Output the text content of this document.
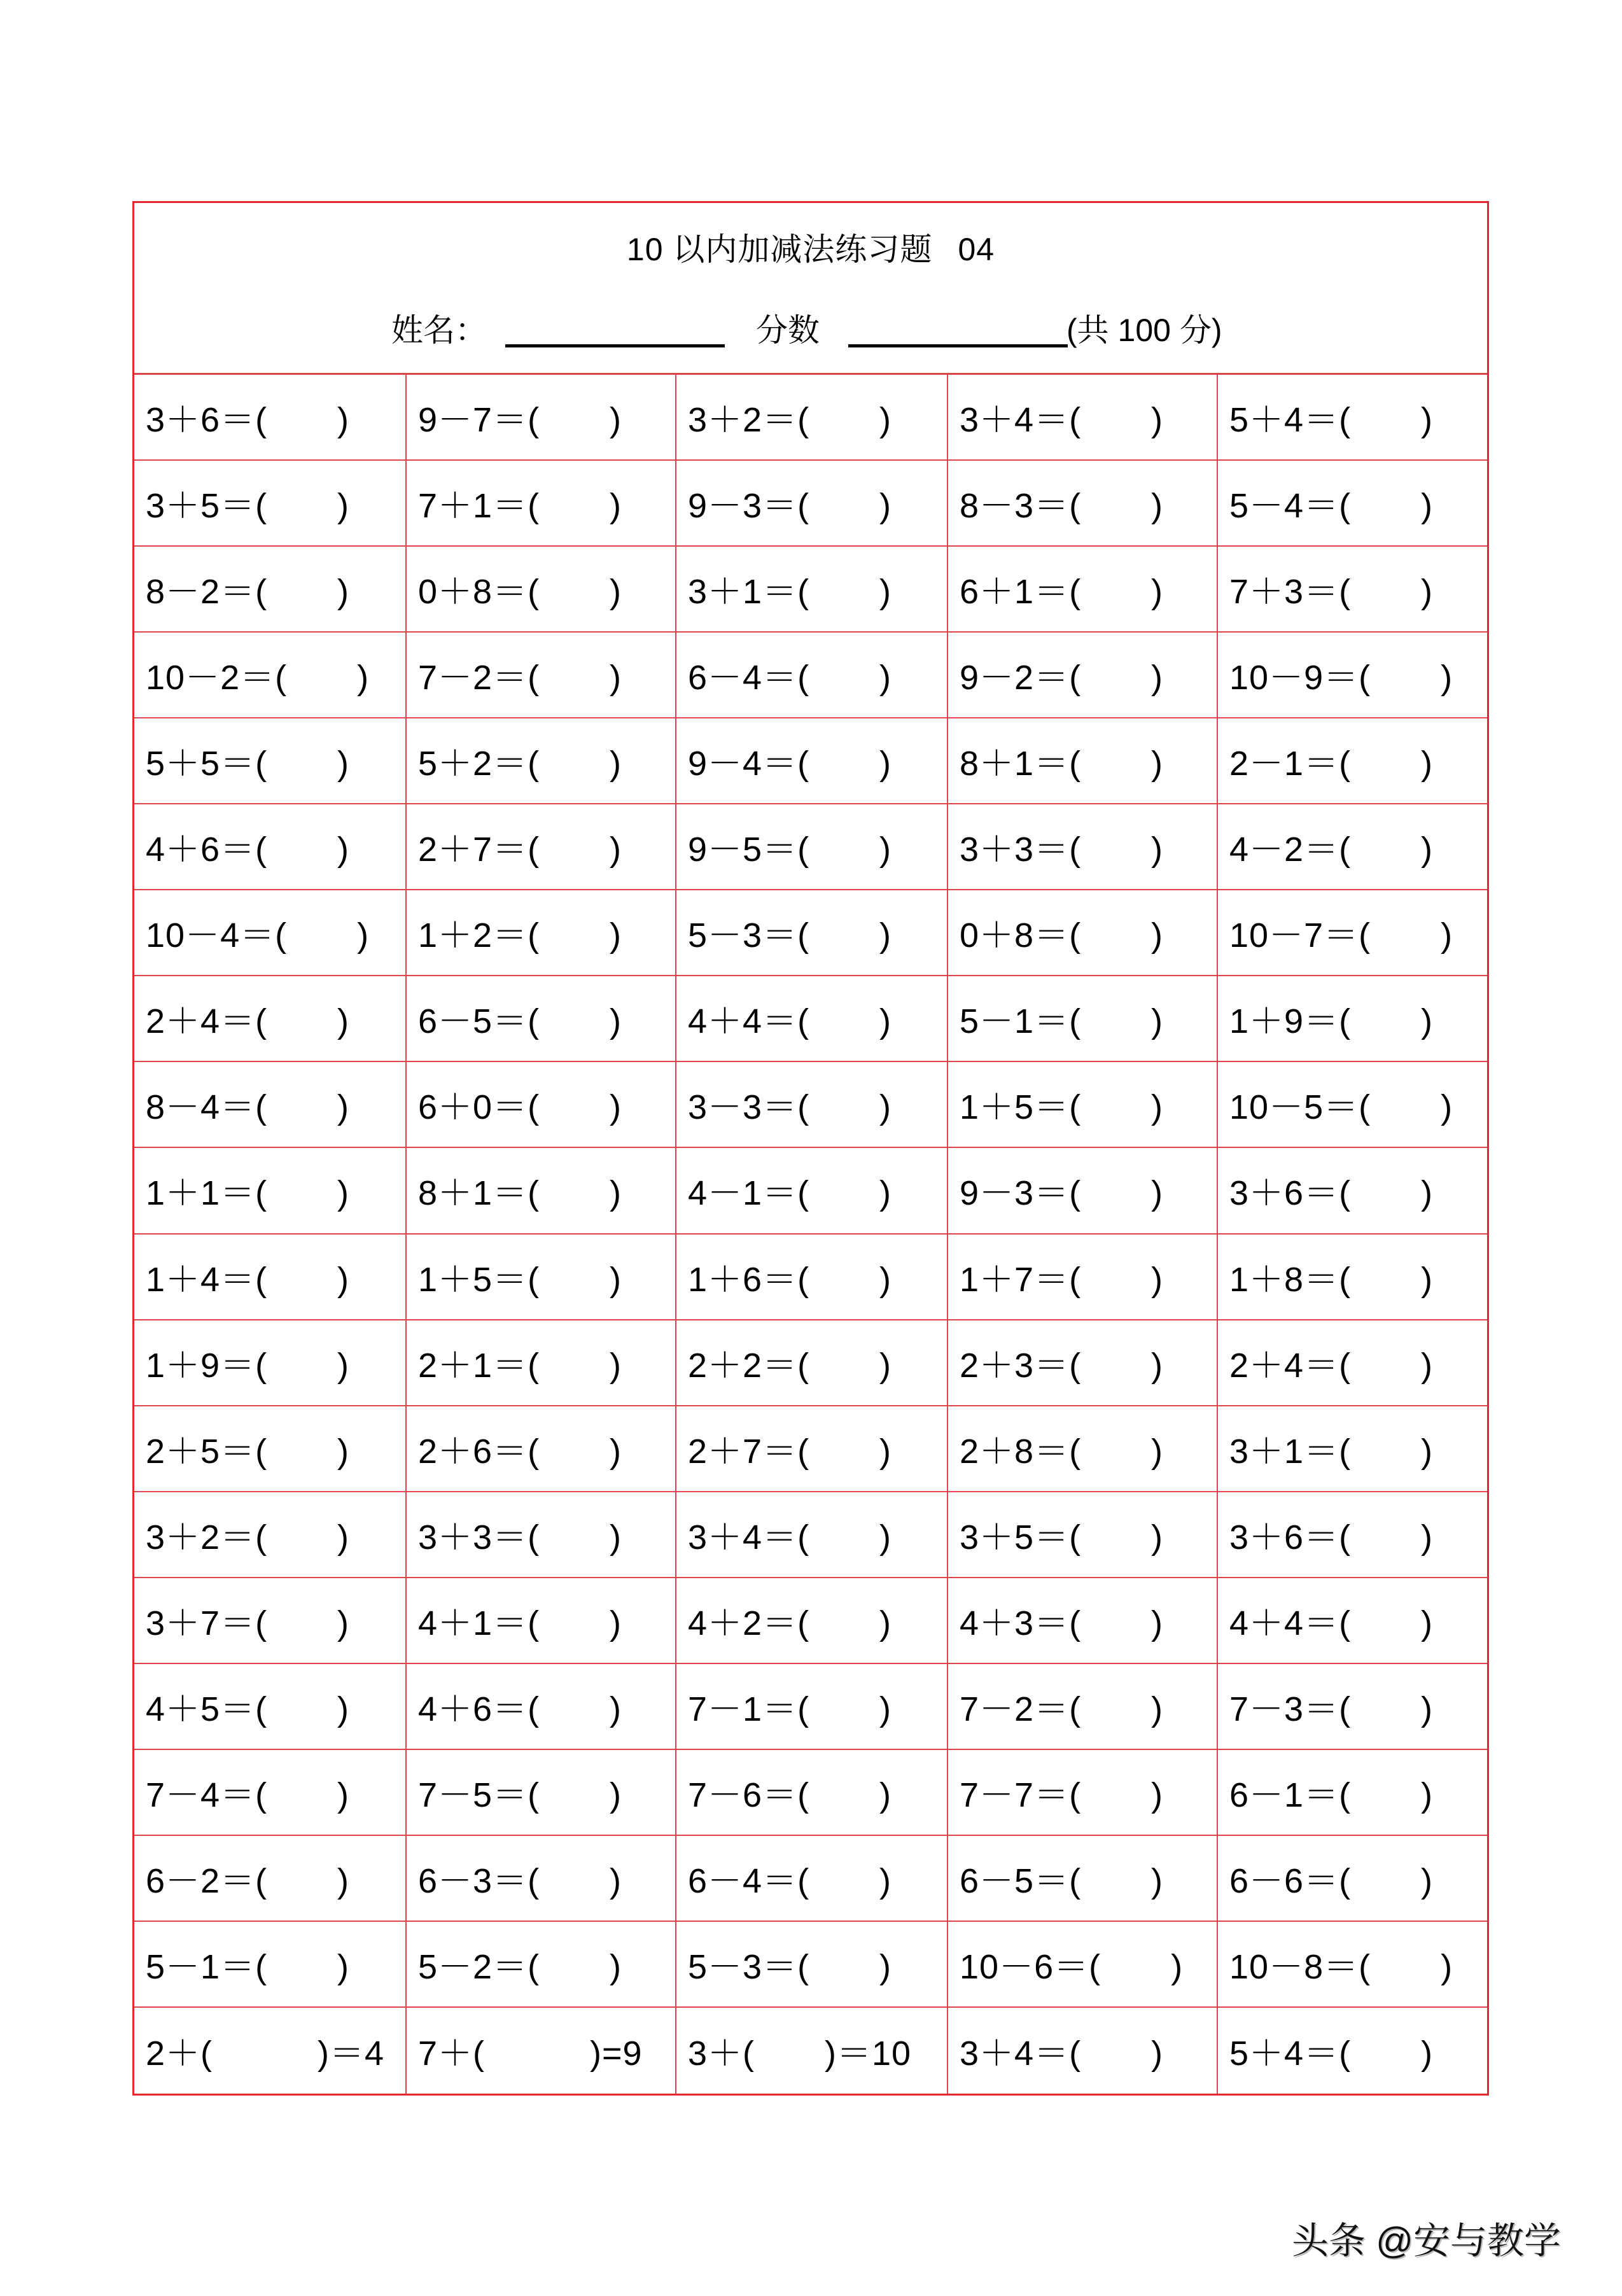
10 以内加减法练习题 04
姓名：	分数	(共 100 分)
3＋6＝(　　) 9－7＝(　　) 3＋2＝(　　) 3＋4＝(　　) 5＋4＝(　　)
3＋5＝(　　) 7＋1＝(　　) 9－3＝(　　) 8－3＝(　　) 5－4＝(　　)
8－2＝(　　) 0＋8＝(　　) 3＋1＝(　　) 6＋1＝(　　) 7＋3＝(　　)
10－2＝(　　) 7－2＝(　　) 6－4＝(　　) 9－2＝(　　) 10－9＝(　　)
5＋5＝(　　) 5＋2＝(　　) 9－4＝(　　) 8＋1＝(　　) 2－1＝(　　)
4＋6＝(　　) 2＋7＝(　　) 9－5＝(　　) 3＋3＝(　　) 4－2＝(　　)
10－4＝(　　) 1＋2＝(　　) 5－3＝(　　) 0＋8＝(　　) 10－7＝(　　)
2＋4＝(　　) 6－5＝(　　) 4＋4＝(　　) 5－1＝(　　) 1＋9＝(　　)
8－4＝(　　) 6＋0＝(　　) 3－3＝(　　) 1＋5＝(　　) 10－5＝(　　)
1＋1＝(　　) 8＋1＝(　　) 4－1＝(　　) 9－3＝(　　) 3＋6＝(　　)
1＋4＝(　　) 1＋5＝(　　) 1＋6＝(　　) 1＋7＝(　　) 1＋8＝(　　)
1＋9＝(　　) 2＋1＝(　　) 2＋2＝(　　) 2＋3＝(　　) 2＋4＝(　　)
2＋5＝(　　) 2＋6＝(　　) 2＋7＝(　　) 2＋8＝(　　) 3＋1＝(　　)
3＋2＝(　　) 3＋3＝(　　) 3＋4＝(　　) 3＋5＝(　　) 3＋6＝(　　)
3＋7＝(　　) 4＋1＝(　　) 4＋2＝(　　) 4＋3＝(　　) 4＋4＝(　　)
4＋5＝(　　) 4＋6＝(　　) 7－1＝(　　) 7－2＝(　　) 7－3＝(　　)
7－4＝(　　) 7－5＝(　　) 7－6＝(　　) 7－7＝(　　) 6－1＝(　　)
6－2＝(　　) 6－3＝(　　) 6－4＝(　　) 6－5＝(　　) 6－6＝(　　)
5－1＝(　　) 5－2＝(　　) 5－3＝(　　) 10－6＝(　　) 10－8＝(　　)
2＋(　　　)＝4 7＋(　　　)=9 3＋(　　)＝10 3＋4＝(　　) 5＋4＝(　　)
头条 @安与教学
